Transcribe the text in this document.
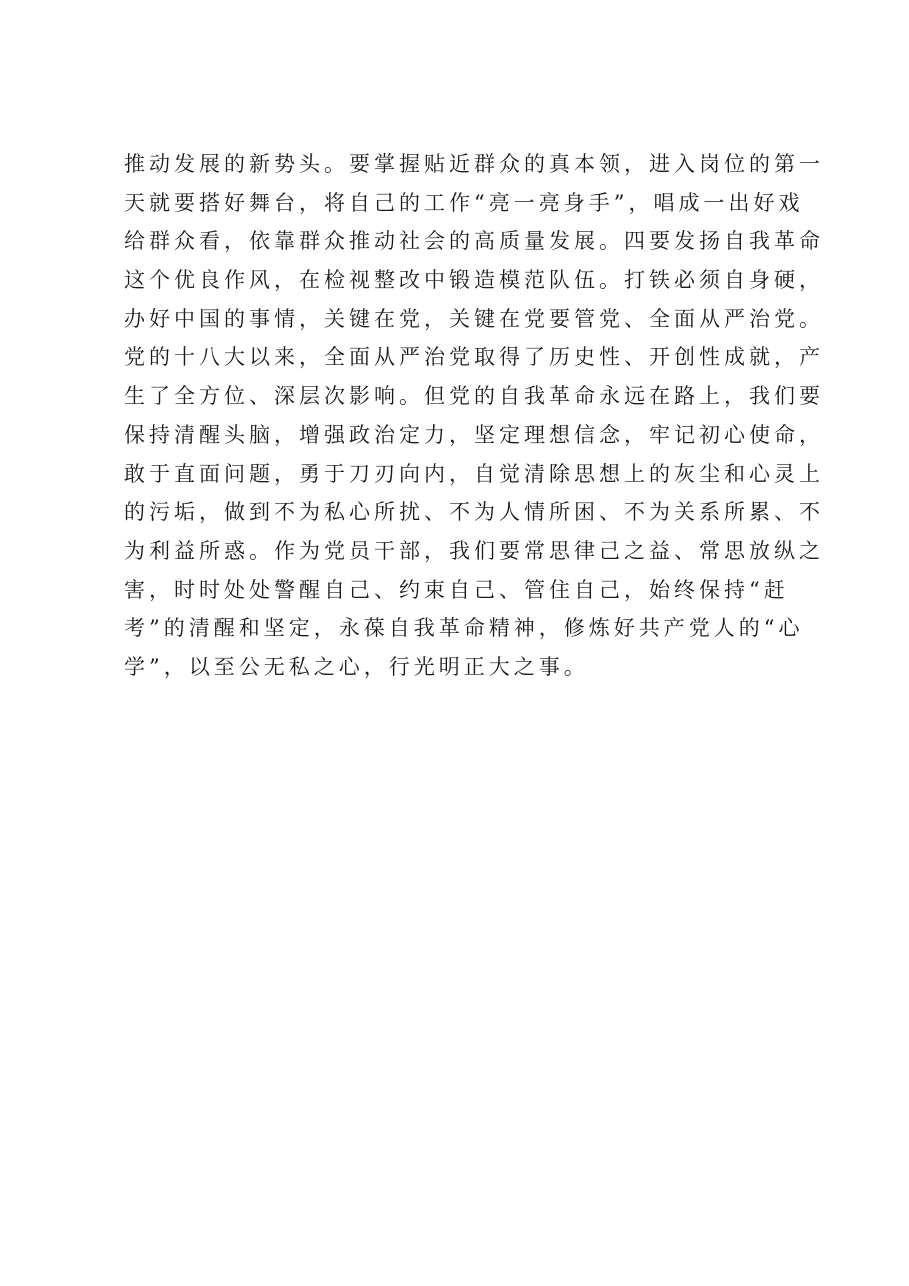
推动发展的新势头。要掌握贴近群众的真本领，进入岗位的第一
天就要搭好舞台，将自己的工作“亮一亮身手”，唱成一出好戏
给群众看，依靠群众推动社会的高质量发展。四要发扬自我革命
这个优良作风，在检视整改中锻造模范队伍。打铁必须自身硬，
办好中国的事情，关键在党，关键在党要管党、全面从严治党。
党的十八大以来，全面从严治党取得了历史性、开创性成就，产
生了全方位、深层次影响。但党的自我革命永远在路上，我们要
保持清醒头脑，增强政治定力，坚定理想信念，牢记初心使命，
敢于直面问题，勇于刀刃向内，自觉清除思想上的灰尘和心灵上
的污垢，做到不为私心所扰、不为人情所困、不为关系所累、不
为利益所惑。作为党员干部，我们要常思律己之益、常思放纵之
害，时时处处警醒自己、约束自己、管住自己，始终保持“赶
考”的清醒和坚定，永葆自我革命精神，修炼好共产党人的“心
学”，以至公无私之心，行光明正大之事。
